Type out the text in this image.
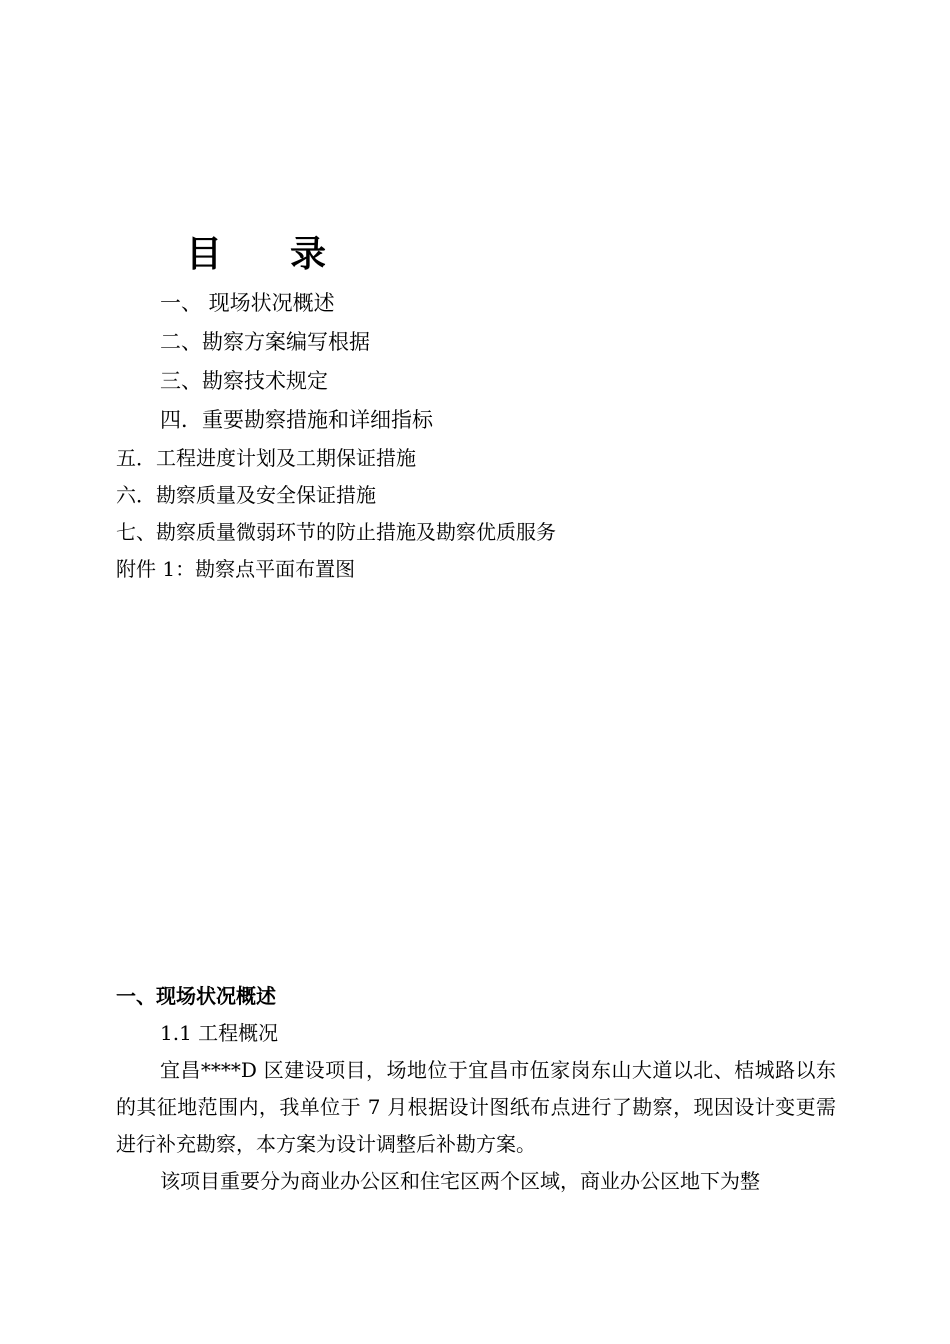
目 录
一、 现场状况概述
二、勘察方案编写根据
三、勘察技术规定
四．重要勘察措施和详细指标
五．工程进度计划及工期保证措施
六．勘察质量及安全保证措施
七、勘察质量微弱环节的防止措施及勘察优质服务
附件 1：勘察点平面布置图
一、现场状况概述
1.1 工程概况

宜昌****D 区建设项目，场地位于宜昌市伍家岗东山大道以北、桔城路以东的其征地范围内，我单位于 7 月根据设计图纸布点进行了勘察，现因设计变更需进行补充勘察，本方案为设计调整后补勘方案。

该项目重要分为商业办公区和住宅区两个区域，商业办公区地下为整
